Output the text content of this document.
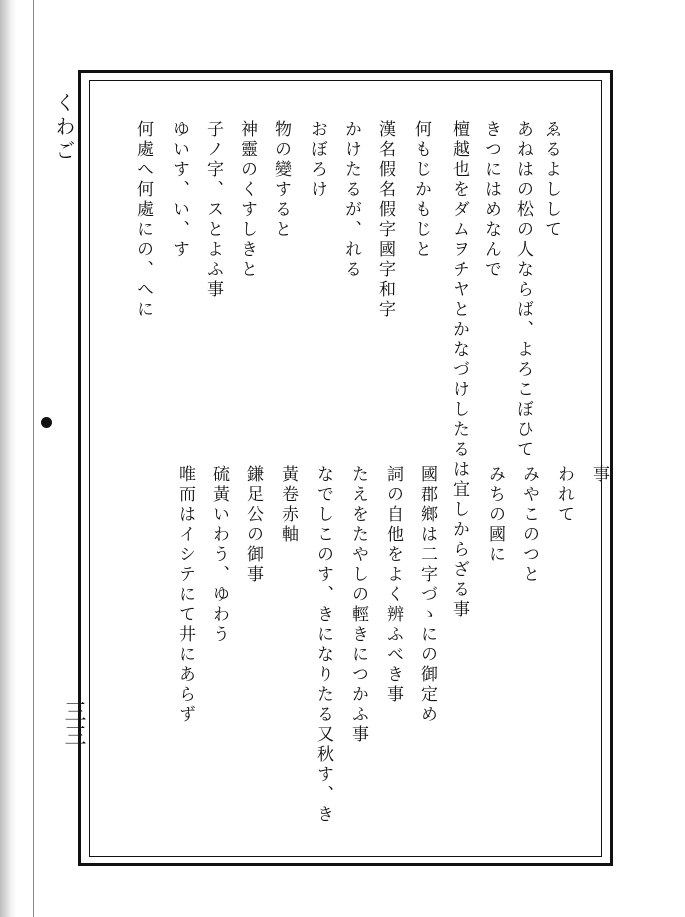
くわご
三三
ゑるよしして
あねはの松の人ならば、よろこぼひて
きつにはめなんで
檀越也をダムヲチヤとかなづけしたるは宜しからざる事
何もじかもじと
漢名假名假字國字和字
かけたるが、れる
おぼろけ
物の變すると
神靈のくすしきと
子ノ字、スとよふ事
ゆいす、い、す
何處へ何處にの、へに
事
われて
みやこのつと
みちの國に
國郡鄉は二字づゝにの御定め
詞の自他をよく辨ふべき事
たえをたやしの輕きにつかふ事
なでしこのす、きになりたる又秋す、き
黃卷赤軸
鎌足公の御事
硫黃いわう、ゆわう
唯而はイシテにて井にあらず
